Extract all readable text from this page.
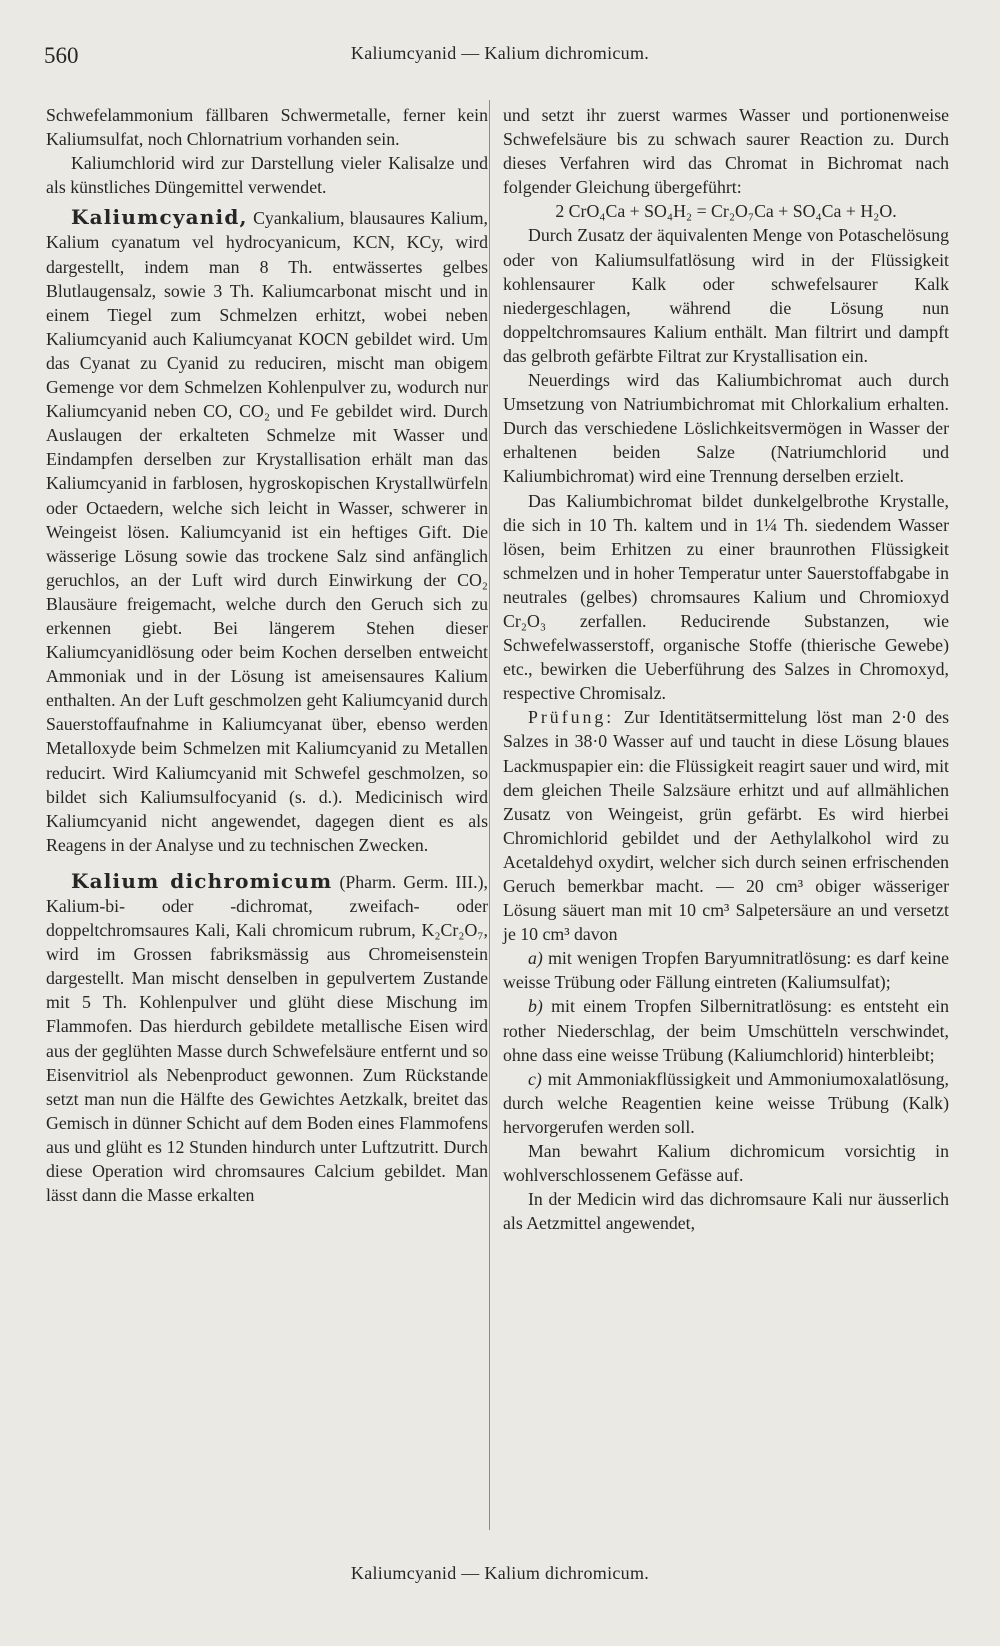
560	Kaliumcyanid — Kalium dichromicum.

Schwefelammonium fällbaren Schwermetalle, ferner kein Kaliumsulfat, noch Chlornatrium vorhanden sein.

Kaliumchlorid wird zur Darstellung vieler Kalisalze und als künstliches Düngemittel verwendet.

Kaliumcyanid, Cyankalium, blausaures Kalium, Kalium cyanatum vel hydrocyanicum, KCN, KCy, wird dargestellt, indem man 8 Th. entwässertes gelbes Blutlaugensalz, sowie 3 Th. Kaliumcarbonat mischt und in einem Tiegel zum Schmelzen erhitzt, wobei neben Kaliumcyanid auch Kaliumcyanat KOCN gebildet wird. Um das Cyanat zu Cyanid zu reduciren, mischt man obigem Gemenge vor dem Schmelzen Kohlenpulver zu, wodurch nur Kaliumcyanid neben CO, CO₂ und Fe gebildet wird. Durch Auslaugen der erkalteten Schmelze mit Wasser und Eindampfen derselben zur Krystallisation erhält man das Kaliumcyanid in farblosen, hygroskopischen Krystallwürfeln oder Octaedern, welche sich leicht in Wasser, schwerer in Weingeist lösen. Kaliumcyanid ist ein heftiges Gift. Die wässerige Lösung sowie das trockene Salz sind anfänglich geruchlos, an der Luft wird durch Einwirkung der CO₂ Blausäure freigemacht, welche durch den Geruch sich zu erkennen giebt. Bei längerem Stehen dieser Kaliumcyanidlösung oder beim Kochen derselben entweicht Ammoniak und in der Lösung ist ameisensaures Kalium enthalten. An der Luft geschmolzen geht Kaliumcyanid durch Sauerstoffaufnahme in Kaliumcyanat über, ebenso werden Metalloxyde beim Schmelzen mit Kaliumcyanid zu Metallen reducirt. Wird Kaliumcyanid mit Schwefel geschmolzen, so bildet sich Kaliumsulfocyanid (s. d.). Medicinisch wird Kaliumcyanid nicht angewendet, dagegen dient es als Reagens in der Analyse und zu technischen Zwecken.

Kalium dichromicum (Pharm. Germ. III.), Kalium-bi- oder -dichromat, zweifach- oder doppeltchromsaures Kali, Kali chromicum rubrum, K₂Cr₂O₇, wird im Grossen fabriksmässig aus Chromeisenstein dargestellt. Man mischt denselben in gepulvertem Zustande mit 5 Th. Kohlenpulver und glüht diese Mischung im Flammofen. Das hierdurch gebildete metallische Eisen wird aus der geglühten Masse durch Schwefelsäure entfernt und so Eisenvitriol als Nebenproduct gewonnen. Zum Rückstande setzt man nun die Hälfte des Gewichtes Aetzkalk, breitet das Gemisch in dünner Schicht auf dem Boden eines Flammofens aus und glüht es 12 Stunden hindurch unter Luftzutritt. Durch diese Operation wird chromsaures Calcium gebildet. Man lässt dann die Masse erkalten

und setzt ihr zuerst warmes Wasser und portionenweise Schwefelsäure bis zu schwach saurer Reaction zu. Durch dieses Verfahren wird das Chromat in Bichromat nach folgender Gleichung übergeführt:

2 CrO₄Ca + SO₄H₂ = Cr₂O₇Ca + SO₄Ca + H₂O.

Durch Zusatz der äquivalenten Menge von Potaschelösung oder von Kaliumsulfatlösung wird in der Flüssigkeit kohlensaurer Kalk oder schwefelsaurer Kalk niedergeschlagen, während die Lösung nun doppeltchromsaures Kalium enthält. Man filtrirt und dampft das gelbroth gefärbte Filtrat zur Krystallisation ein.

Neuerdings wird das Kaliumbichromat auch durch Umsetzung von Natriumbichromat mit Chlorkalium erhalten. Durch das verschiedene Löslichkeitsvermögen in Wasser der erhaltenen beiden Salze (Natriumchlorid und Kaliumbichromat) wird eine Trennung derselben erzielt.

Das Kaliumbichromat bildet dunkelgelbrothe Krystalle, die sich in 10 Th. kaltem und in 1¼ Th. siedendem Wasser lösen, beim Erhitzen zu einer braunrothen Flüssigkeit schmelzen und in hoher Temperatur unter Sauerstoffabgabe in neutrales (gelbes) chromsaures Kalium und Chromioxyd Cr₂O₃ zerfallen. Reducirende Substanzen, wie Schwefelwasserstoff, organische Stoffe (thierische Gewebe) etc., bewirken die Ueberführung des Salzes in Chromoxyd, respective Chromisalz.

Prüfung: Zur Identitätsermittelung löst man 2·0 des Salzes in 38·0 Wasser auf und taucht in diese Lösung blaues Lackmuspapier ein: die Flüssigkeit reagirt sauer und wird, mit dem gleichen Theile Salzsäure erhitzt und auf allmählichen Zusatz von Weingeist, grün gefärbt. Es wird hierbei Chromichlorid gebildet und der Aethylalkohol wird zu Acetaldehyd oxydirt, welcher sich durch seinen erfrischenden Geruch bemerkbar macht. — 20 cm³ obiger wässeriger Lösung säuert man mit 10 cm³ Salpetersäure an und versetzt je 10 cm³ davon

a) mit wenigen Tropfen Baryumnitratlösung: es darf keine weisse Trübung oder Fällung eintreten (Kaliumsulfat);

b) mit einem Tropfen Silbernitratlösung: es entsteht ein rother Niederschlag, der beim Umschütteln verschwindet, ohne dass eine weisse Trübung (Kaliumchlorid) hinterbleibt;

c) mit Ammoniakflüssigkeit und Ammoniumoxalatlösung, durch welche Reagentien keine weisse Trübung (Kalk) hervorgerufen werden soll.

Man bewahrt Kalium dichromicum vorsichtig in wohlverschlossenem Gefässe auf.

In der Medicin wird das dichromsaure Kali nur äusserlich als Aetzmittel angewendet,

Kaliumcyanid — Kalium dichromicum.
